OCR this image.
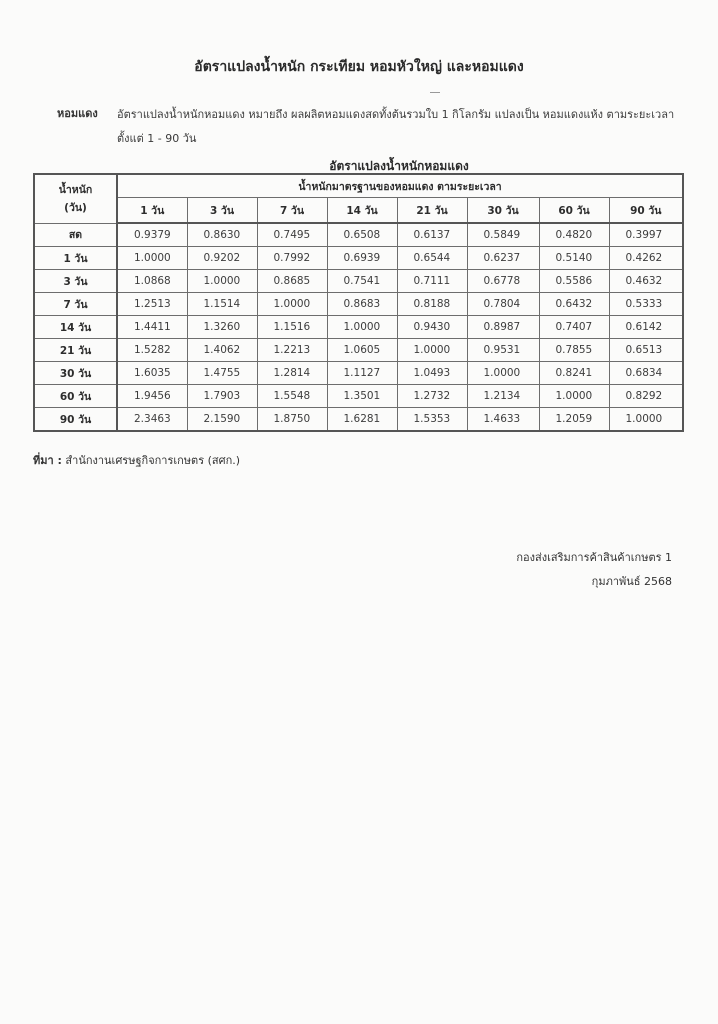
อัตราแปลงน้ำหนัก กระเทียม หอมหัวใหญ่ และหอมแดง
หอมแดง อัตราแปลงน้ำหนักหอมแดง หมายถึง ผลผลิตหอมแดงสดทั้งต้นรวมใบ 1 กิโลกรัม แปลงเป็น หอมแดงแห้ง ตามระยะเวลา ตั้งแต่ 1 - 90 วัน
อัตราแปลงน้ำหนักหอมแดง
น้ำหนัก
(วัน)	น้ำหนักมาตรฐานของหอมแดง ตามระยะเวลา							
	1 วัน	3 วัน	7 วัน	14 วัน	21 วัน	30 วัน	60 วัน	90 วัน
สด	0.9379	0.8630	0.7495	0.6508	0.6137	0.5849	0.4820	0.3997
1 วัน	1.0000	0.9202	0.7992	0.6939	0.6544	0.6237	0.5140	0.4262
3 วัน	1.0868	1.0000	0.8685	0.7541	0.7111	0.6778	0.5586	0.4632
7 วัน	1.2513	1.1514	1.0000	0.8683	0.8188	0.7804	0.6432	0.5333
14 วัน	1.4411	1.3260	1.1516	1.0000	0.9430	0.8987	0.7407	0.6142
21 วัน	1.5282	1.4062	1.2213	1.0605	1.0000	0.9531	0.7855	0.6513
30 วัน	1.6035	1.4755	1.2814	1.1127	1.0493	1.0000	0.8241	0.6834
60 วัน	1.9456	1.7903	1.5548	1.3501	1.2732	1.2134	1.0000	0.8292
90 วัน	2.3463	2.1590	1.8750	1.6281	1.5353	1.4633	1.2059	1.0000
ที่มา : สำนักงานเศรษฐกิจการเกษตร (สศก.)
กองส่งเสริมการค้าสินค้าเกษตร 1
กุมภาพันธ์ 2568
